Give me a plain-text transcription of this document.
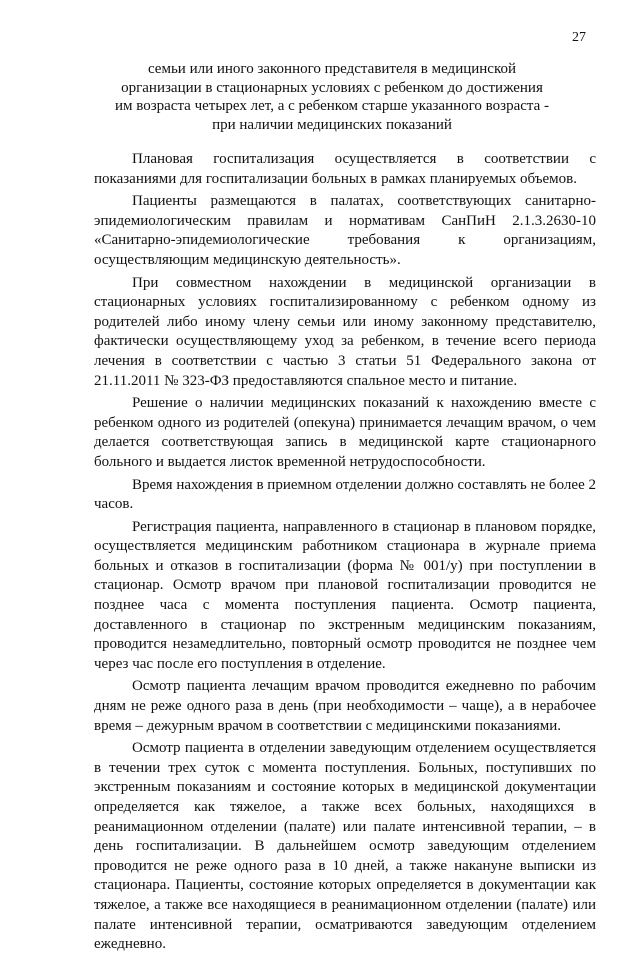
27
семьи или иного законного представителя в медицинской организации в стационарных условиях с ребенком до достижения им возраста четырех лет, а с ребенком старше указанного возраста - при наличии медицинских показаний

Плановая госпитализация осуществляется в соответствии с показаниями для госпитализации больных в рамках планируемых объемов.

Пациенты размещаются в палатах, соответствующих санитарно-эпидемиологическим правилам и нормативам СанПиН 2.1.3.2630-10 «Санитарно-эпидемиологические требования к организациям, осуществляющим медицинскую деятельность».

При совместном нахождении в медицинской организации в стационарных условиях госпитализированному с ребенком одному из родителей либо иному члену семьи или иному законному представителю, фактически осуществляющему уход за ребенком, в течение всего периода лечения в соответствии с частью 3 статьи 51 Федерального закона от 21.11.2011 № 323-ФЗ предоставляются спальное место и питание.

Решение о наличии медицинских показаний к нахождению вместе с ребенком одного из родителей (опекуна) принимается лечащим врачом, о чем делается соответствующая запись в медицинской карте стационарного больного и выдается листок временной нетрудоспособности.

Время нахождения в приемном отделении должно составлять не более 2 часов.

Регистрация пациента, направленного в стационар в плановом порядке, осуществляется медицинским работником стационара в журнале приема больных и отказов в госпитализации (форма № 001/у) при поступлении в стационар. Осмотр врачом при плановой госпитализации проводится не позднее часа с момента поступления пациента. Осмотр пациента, доставленного в стационар по экстренным медицинским показаниям, проводится незамедлительно, повторный осмотр проводится не позднее чем через час после его поступления в отделение.

Осмотр пациента лечащим врачом проводится ежедневно по рабочим дням не реже одного раза в день (при необходимости – чаще), а в нерабочее время – дежурным врачом в соответствии с медицинскими показаниями.

Осмотр пациента в отделении заведующим отделением осуществляется в течении трех суток с момента поступления. Больных, поступивших по экстренным показаниям и состояние которых в медицинской документации определяется как тяжелое, а также всех больных, находящихся в реанимационном отделении (палате) или палате интенсивной терапии, – в день госпитализации. В дальнейшем осмотр заведующим отделением проводится не реже одного раза в 10 дней, а также накануне выписки из стационара. Пациенты, состояние которых определяется в документации как тяжелое, а также все находящиеся в реанимационном отделении (палате) или палате интенсивной терапии, осматриваются заведующим отделением ежедневно.
